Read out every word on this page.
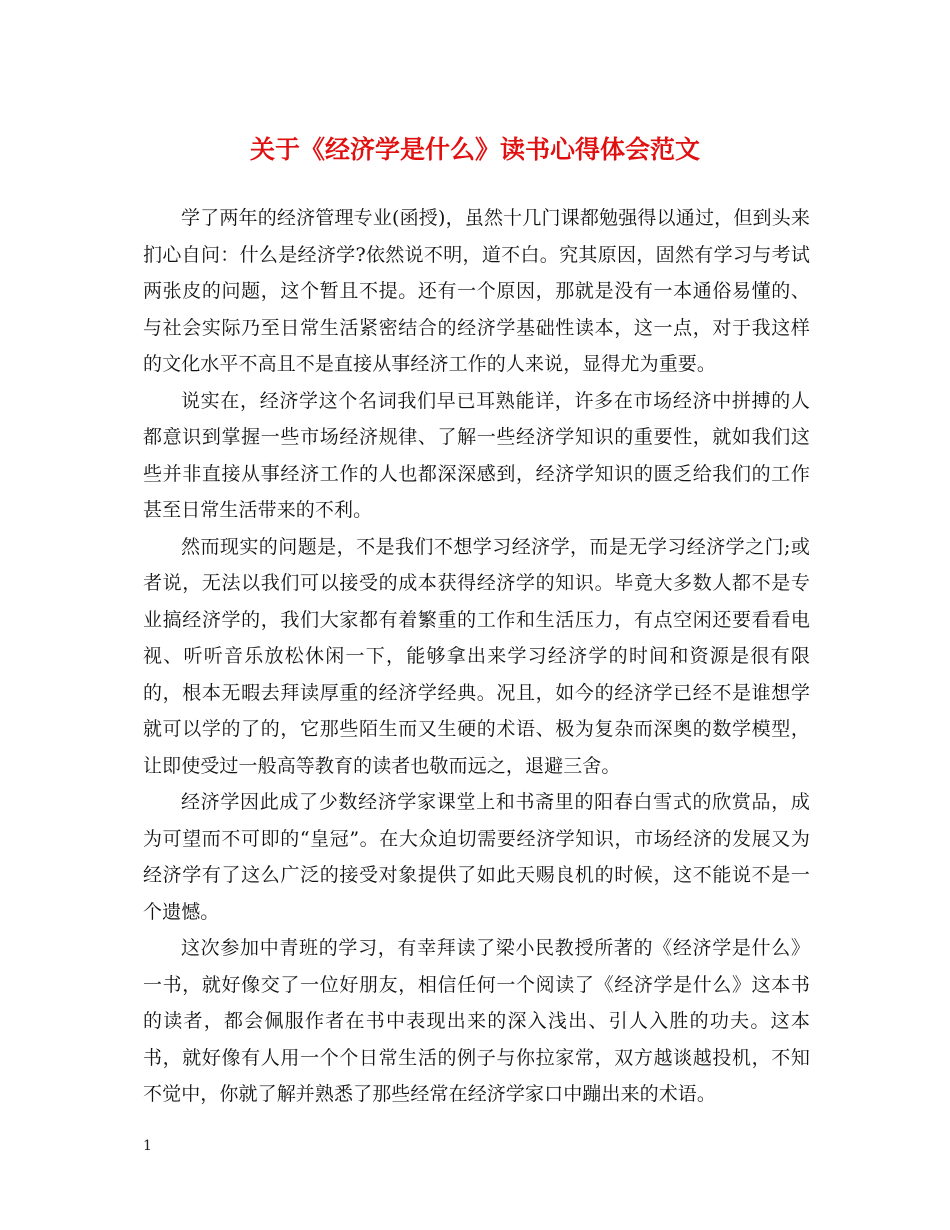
关于《经济学是什么》读书心得体会范文

学了两年的经济管理专业(函授)，虽然十几门课都勉强得以通过，但到头来扪心自问：什么是经济学?依然说不明，道不白。究其原因，固然有学习与考试两张皮的问题，这个暂且不提。还有一个原因，那就是没有一本通俗易懂的、与社会实际乃至日常生活紧密结合的经济学基础性读本，这一点，对于我这样的文化水平不高且不是直接从事经济工作的人来说，显得尤为重要。

说实在，经济学这个名词我们早已耳熟能详，许多在市场经济中拼搏的人都意识到掌握一些市场经济规律、了解一些经济学知识的重要性，就如我们这些并非直接从事经济工作的人也都深深感到，经济学知识的匮乏给我们的工作甚至日常生活带来的不利。

然而现实的问题是，不是我们不想学习经济学，而是无学习经济学之门;或者说，无法以我们可以接受的成本获得经济学的知识。毕竟大多数人都不是专业搞经济学的，我们大家都有着繁重的工作和生活压力，有点空闲还要看看电视、听听音乐放松休闲一下，能够拿出来学习经济学的时间和资源是很有限的，根本无暇去拜读厚重的经济学经典。况且，如今的经济学已经不是谁想学就可以学的了的，它那些陌生而又生硬的术语、极为复杂而深奥的数学模型，让即使受过一般高等教育的读者也敬而远之，退避三舍。

经济学因此成了少数经济学家课堂上和书斋里的阳春白雪式的欣赏品，成为可望而不可即的“皇冠”。在大众迫切需要经济学知识，市场经济的发展又为经济学有了这么广泛的接受对象提供了如此天赐良机的时候，这不能说不是一个遗憾。

这次参加中青班的学习，有幸拜读了梁小民教授所著的《经济学是什么》一书，就好像交了一位好朋友，相信任何一个阅读了《经济学是什么》这本书的读者，都会佩服作者在书中表现出来的深入浅出、引人入胜的功夫。这本书，就好像有人用一个个日常生活的例子与你拉家常，双方越谈越投机，不知不觉中，你就了解并熟悉了那些经常在经济学家口中蹦出来的术语。

1
